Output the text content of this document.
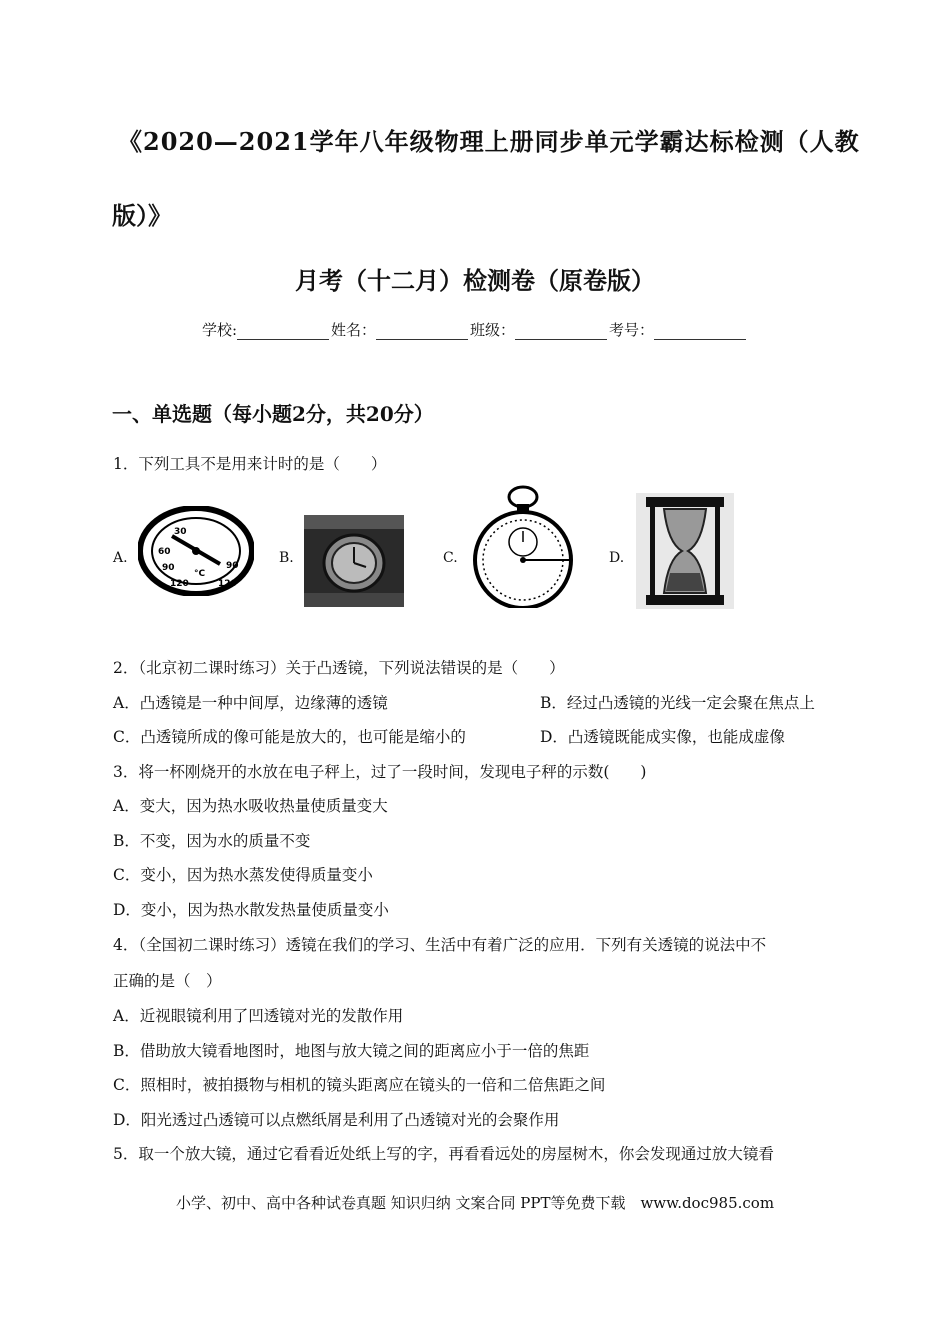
《2020—2021学年八年级物理上册同步单元学霸达标检测（人教
版）》
月考（十二月）检测卷（原卷版）
学校:	姓名：	班级：	考号：
一、单选题（每小题2分，共20分）
1．下列工具不是用来计时的是（　　）
A.
30
60
90
120	120
90
°C
B.	C.	D.
2．（北京初二课时练习）关于凸透镜，下列说法错误的是（　　）
A．凸透镜是一种中间厚，边缘薄的透镜	B．经过凸透镜的光线一定会聚在焦点上
C．凸透镜所成的像可能是放大的，也可能是缩小的	D．凸透镜既能成实像，也能成虚像
3．将一杯刚烧开的水放在电子秤上，过了一段时间，发现电子秤的示数(　　)
A．变大，因为热水吸收热量使质量变大
B．不变，因为水的质量不变
C．变小，因为热水蒸发使得质量变小
D．变小，因为热水散发热量使质量变小
4．（全国初二课时练习）透镜在我们的学习、生活中有着广泛的应用．下列有关透镜的说法中不
正确的是（　）
A．近视眼镜利用了凹透镜对光的发散作用
B．借助放大镜看地图时，地图与放大镜之间的距离应小于一倍的焦距
C．照相时，被拍摄物与相机的镜头距离应在镜头的一倍和二倍焦距之间
D．阳光透过凸透镜可以点燃纸屑是利用了凸透镜对光的会聚作用
5．取一个放大镜，通过它看看近处纸上写的字，再看看远处的房屋树木，你会发现通过放大镜看
小学、初中、高中各种试卷真题 知识归纳 文案合同 PPT等免费下载　www.doc985.com
